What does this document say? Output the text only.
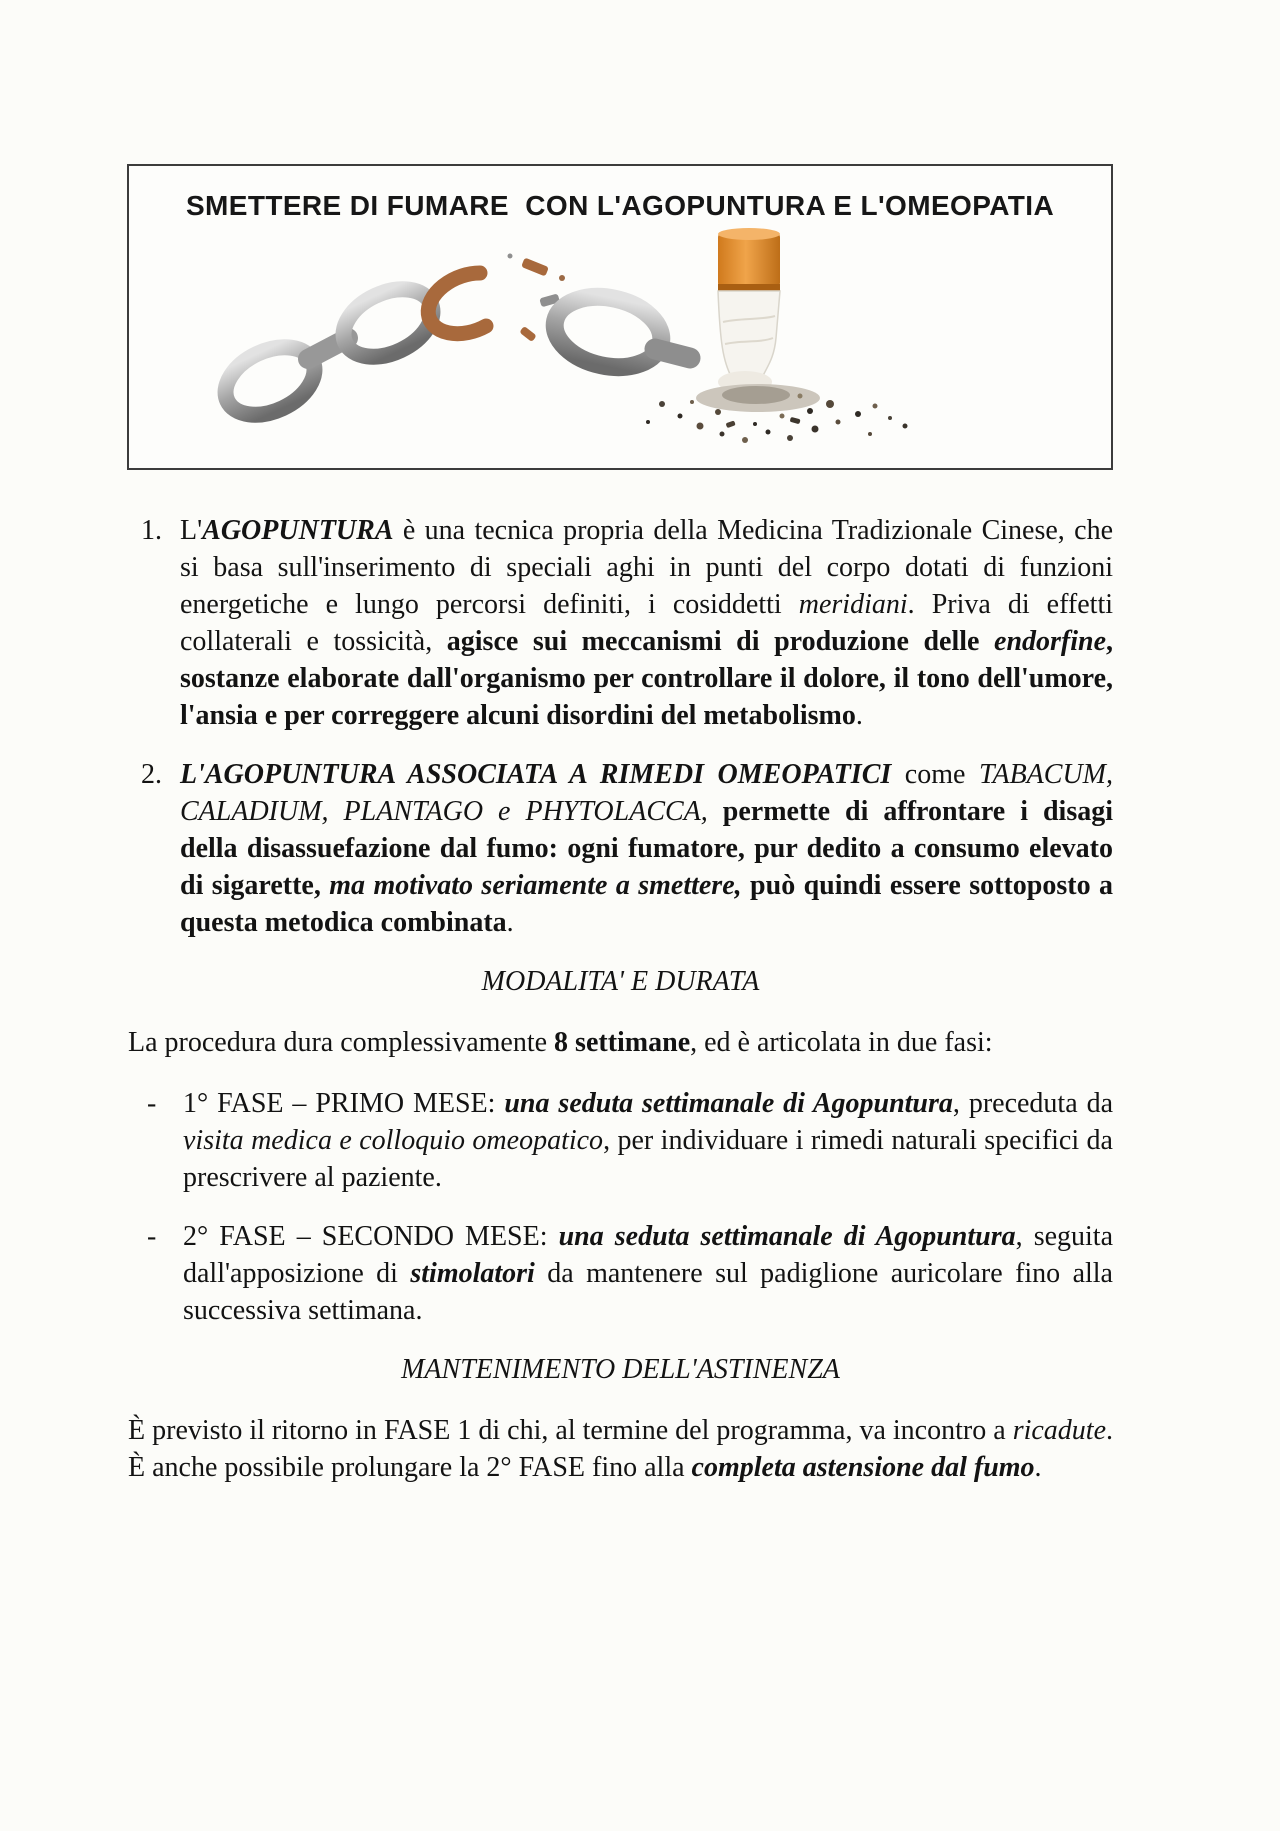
SMETTERE DI FUMARE  CON L'AGOPUNTURA E L'OMEOPATIA
1. L'AGOPUNTURA è una tecnica propria della Medicina Tradizionale Cinese, che si basa sull'inserimento di speciali aghi in punti del corpo dotati di funzioni energetiche e lungo percorsi definiti, i cosiddetti meridiani. Priva di effetti collaterali e tossicità, agisce sui meccanismi di produzione delle endorfine, sostanze elaborate dall'organismo per controllare il dolore, il tono dell'umore, l'ansia e per correggere alcuni disordini del metabolismo.
2. L'AGOPUNTURA ASSOCIATA A RIMEDI OMEOPATICI come TABACUM, CALADIUM, PLANTAGO e PHYTOLACCA, permette di affrontare i disagi della disassuefazione dal fumo: ogni fumatore, pur dedito a consumo elevato di sigarette, ma motivato seriamente a smettere, può quindi essere sottoposto a questa metodica combinata.
MODALITA' E DURATA
La procedura dura complessivamente 8 settimane, ed è articolata in due fasi:
- 1° FASE – PRIMO MESE: una seduta settimanale di Agopuntura, preceduta da visita medica e colloquio omeopatico, per individuare i rimedi naturali specifici da prescrivere al paziente.
- 2° FASE – SECONDO MESE: una seduta settimanale di Agopuntura, seguita dall'apposizione di stimolatori da mantenere sul padiglione auricolare fino alla successiva settimana.
MANTENIMENTO DELL'ASTINENZA
È previsto il ritorno in FASE 1 di chi, al termine del programma, va incontro a ricadute. È anche possibile prolungare la 2° FASE fino alla completa astensione dal fumo.
